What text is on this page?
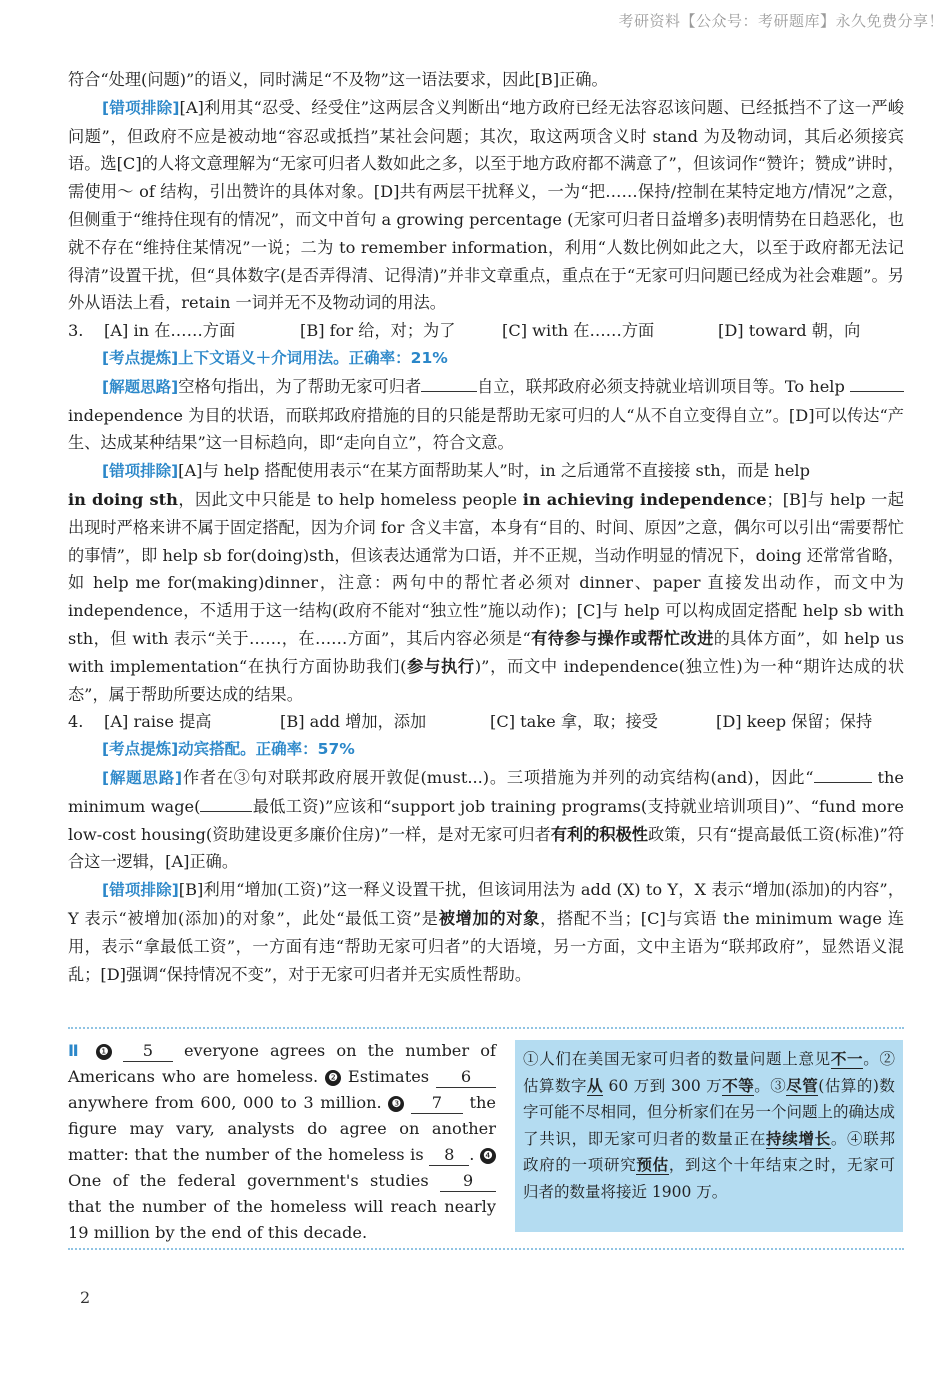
考研资料【公众号：考研题库】永久免费分享！

符合“处理(问题)”的语义，同时满足“不及物”这一语法要求，因此[B]正确。

[错项排除][A]利用其“忍受、经受住”这两层含义判断出“地方政府已经无法容忍该问题、已经抵挡不了这一严峻问题”，但政府不应是被动地“容忍或抵挡”某社会问题；其次，取这两项含义时 stand 为及物动词，其后必须接宾语。选[C]的人将文意理解为“无家可归者人数如此之多，以至于地方政府都不满意了”，但该词作“赞许；赞成”讲时，需使用～ of 结构，引出赞许的具体对象。[D]共有两层干扰释义，一为“把……保持/控制在某特定地方/情况”之意，但侧重于“维持住现有的情况”，而文中首句 a growing percentage (无家可归者日益增多)表明情势在日趋恶化，也就不存在“维持住某情况”一说；二为 to remember information，利用“人数比例如此之大，以至于政府都无法记得清”设置干扰，但“具体数字(是否弄得清、记得清)”并非文章重点，重点在于“无家可归问题已经成为社会难题”。另外从语法上看，retain 一词并无不及物动词的用法。

3.	[A] in 在……方面	[B] for 给，对；为了	[C] with 在……方面	[D] toward 朝，向

[考点提炼]上下文语义＋介词用法。正确率：21%

[解题思路]空格句指出，为了帮助无家可归者	自立，联邦政府必须支持就业培训项目等。To help independence 为目的状语，而联邦政府措施的目的只能是帮助无家可归的人“从不自立变得自立”。[D]可以传达“产生、达成某种结果”这一目标趋向，即“走向自立”，符合文意。

[错项排除][A]与 help 搭配使用表示“在某方面帮助某人”时，in 之后通常不直接接 sth，而是 help
in doing sth，因此文中只能是 to help homeless people in achieving independence；[B]与 help 一起出现时严格来讲不属于固定搭配，因为介词 for 含义丰富，本身有“目的、时间、原因”之意，偶尔可以引出“需要帮忙的事情”，即 help sb for(doing)sth，但该表达通常为口语，并不正规，当动作明显的情况下，doing 还常常省略，如 help me for(making)dinner，注意：两句中的帮忙者必须对 dinner、paper 直接发出动作，而文中为 independence，不适用于这一结构(政府不能对“独立性”施以动作)；[C]与 help 可以构成固定搭配 help sb with sth，但 with 表示“关于……，在……方面”，其后内容必须是“有待参与操作或帮忙改进的具体方面”，如 help us with implementation“在执行方面协助我们(参与执行)”，而文中 independence(独立性)为一种“期许达成的状态”，属于帮助所要达成的结果。

4.	[A] raise 提高	[B] add 增加，添加	[C] take 拿，取；接受	[D] keep 保留；保持

[考点提炼]动宾搭配。正确率：57%

[解题思路]作者在③句对联邦政府展开敦促(must...)。三项措施为并列的动宾结构(and)，因此“	the minimum wage(	最低工资)”应该和“support job training programs(支持就业培训项目)”、“fund more low-cost housing(资助建设更多廉价住房)”一样，是对无家可归者有利的积极性政策，只有“提高最低工资(标准)”符合这一逻辑，[A]正确。

[错项排除][B]利用“增加(工资)”这一释义设置干扰，但该词用法为 add (X) to Y，X 表示“增加(添加)的内容”，Y 表示“被增加(添加)的对象”，此处“最低工资”是被增加的对象，搭配不当；[C]与宾语 the minimum wage 连用，表示“拿最低工资”，一方面有违“帮助无家可归者”的大语境，另一方面，文中主语为“联邦政府”，显然语义混乱；[D]强调“保持情况不变”，对于无家可归者并无实质性帮助。

Ⅱ ❶ 5 everyone agrees on the number of Americans who are homeless. ❷ Estimates 6 anywhere from 600, 000 to 3 million. ❸ 7 the figure may vary, analysts do agree on another matter: that the number of the homeless is 8 . ❹ One of the federal government's studies 9 that the number of the homeless will reach nearly 19 million by the end of this decade.
①人们在美国无家可归者的数量问题上意见不一。②估算数字从 60 万到 300 万不等。③尽管(估算的)数字可能不尽相同，但分析家们在另一个问题上的确达成了共识，即无家可归者的数量正在持续增长。④联邦政府的一项研究预估，到这个十年结束之时，无家可归者的数量将接近 1900 万。
2
